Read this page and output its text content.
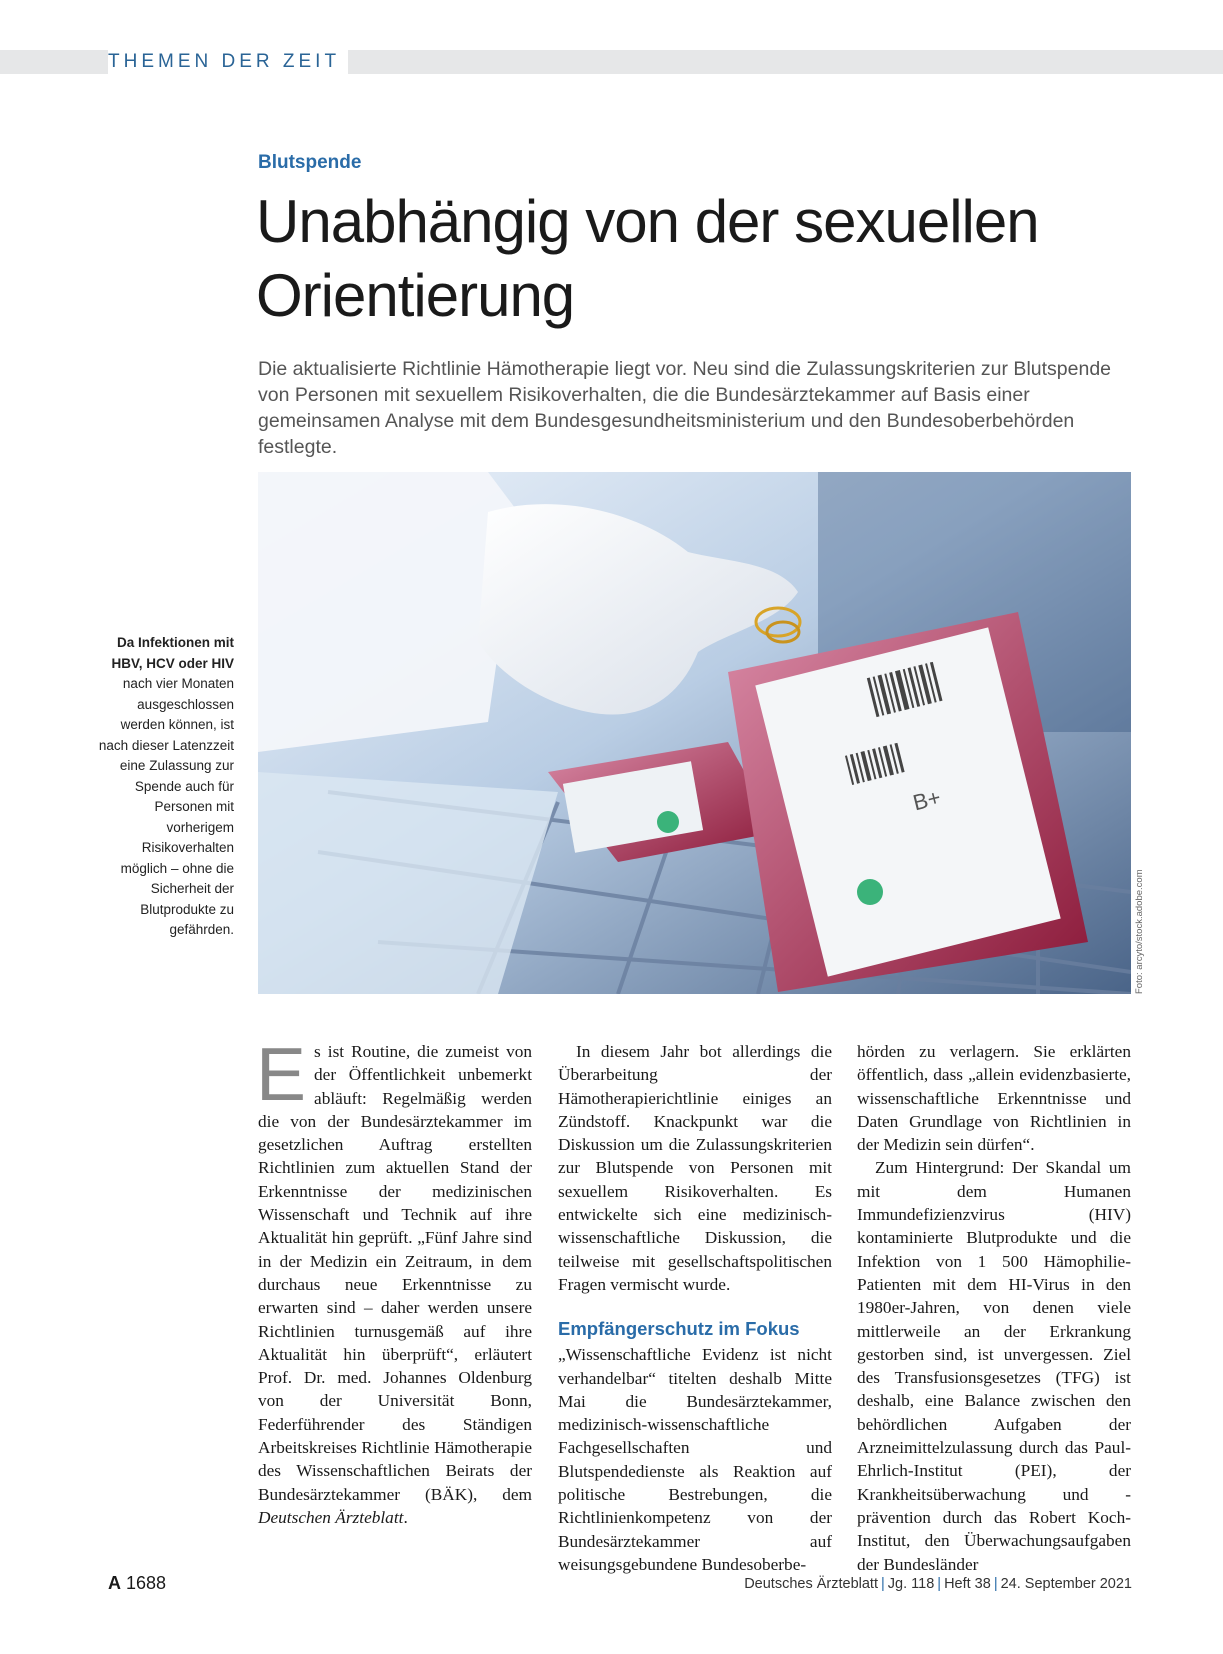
THEMEN DER ZEIT
Blutspende
Unabhängig von der sexuellen Orientierung
Die aktualisierte Richtlinie Hämotherapie liegt vor. Neu sind die Zulassungskriterien zur Blutspende von Personen mit sexuellem Risikoverhalten, die die Bundesärztekammer auf Basis einer gemeinsamen Analyse mit dem Bundesgesundheitsministerium und den Bundesoberbehörden festlegte.
B+
Foto: arcyto/stock.adobe.com
Da Infektionen mit HBV, HCV oder HIV nach vier Monaten ausgeschlossen werden können, ist nach dieser Latenzzeit eine Zulassung zur Spende auch für Personen mit vorherigem Risikoverhalten möglich – ohne die Sicherheit der Blutprodukte zu gefährden.

Es ist Routine, die zumeist von der Öffentlichkeit unbemerkt abläuft: Regelmäßig werden die von der Bundesärztekammer im gesetzlichen Auftrag erstellten Richtlinien zum aktuellen Stand der Erkenntnisse der medizinischen Wissenschaft und Technik auf ihre Aktualität hin geprüft. „Fünf Jahre sind in der Medizin ein Zeitraum, in dem durchaus neue Erkenntnisse zu erwarten sind – daher werden unsere Richtlinien turnusgemäß auf ihre Aktualität hin überprüft“, erläutert Prof. Dr. med. Johannes Oldenburg von der Universität Bonn, Federführender des Ständigen Arbeitskreises Richtlinie Hämotherapie des Wissenschaftlichen Beirats der Bundesärztekammer (BÄK), dem Deutschen Ärzteblatt.

In diesem Jahr bot allerdings die Überarbeitung der Hämotherapierichtlinie einiges an Zündstoff. Knackpunkt war die Diskussion um die Zulassungskriterien zur Blutspende von Personen mit sexuellem Risikoverhalten. Es entwickelte sich eine medizinisch-wissenschaftliche Diskussion, die teilweise mit gesellschaftspolitischen Fragen vermischt wurde.

Empfängerschutz im Fokus

„Wissenschaftliche Evidenz ist nicht verhandelbar“ titelten deshalb Mitte Mai die Bundesärztekammer, medizinisch-wissenschaftliche Fachgesellschaften und Blutspendedienste als Reaktion auf politische Bestrebungen, die Richtlinienkompetenz von der Bundesärztekammer auf weisungsgebundene Bundesoberbe-

hörden zu verlagern. Sie erklärten öffentlich, dass „allein evidenzbasierte, wissenschaftliche Erkenntnisse und Daten Grundlage von Richtlinien in der Medizin sein dürfen“.

Zum Hintergrund: Der Skandal um mit dem Humanen Immundefizienzvirus (HIV) kontaminierte Blutprodukte und die Infektion von 1 500 Hämophilie-Patienten mit dem HI-Virus in den 1980er-Jahren, von denen viele mittlerweile an der Erkrankung gestorben sind, ist unvergessen. Ziel des Transfusionsgesetzes (TFG) ist deshalb, eine Balance zwischen den behördlichen Aufgaben der Arzneimittelzulassung durch das Paul-Ehrlich-Institut (PEI), der Krankheitsüberwachung und -prävention durch das Robert Koch-Institut, den Überwachungsaufgaben der Bundesländer

A 1688	Deutsches Ärzteblatt | Jg. 118 | Heft 38 | 24. September 2021
